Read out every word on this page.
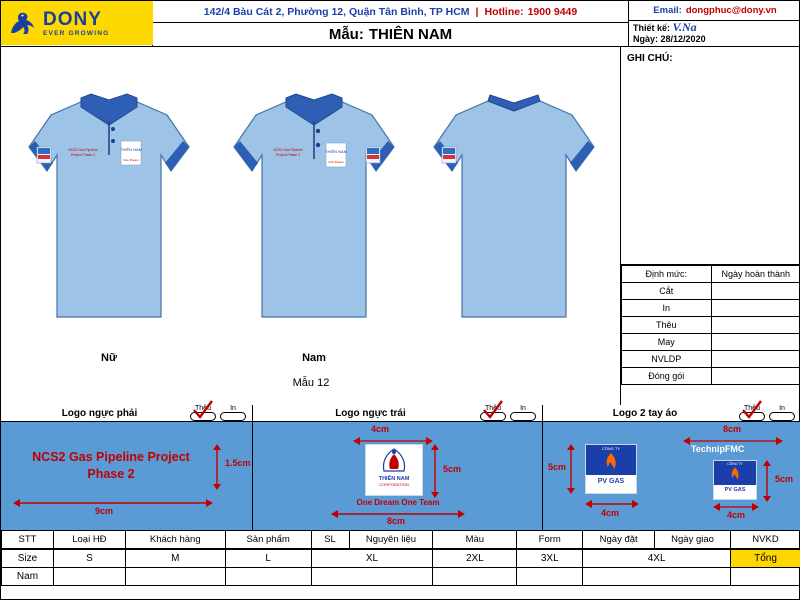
DONY
EVER GROWING
142/4 Bàu Cát 2, Phường 12, Quận Tân Bình, TP HCM | Hotline: 1900 9449
Mẫu: THIÊN NAM
Email: dongphuc@dony.vn
Thiết kế: V.Na
Ngày: 28/12/2020
THIÊN NAM
One Dream
NCS2 Gas Pipeline
Project Phase 2
Nữ
THIÊN NAM
One Dream
NCS2 Gas Pipeline
Project Phase 2
Nam
Mẫu 12
GHI CHÚ:
Định mức:	Ngày hoàn thành
Cắt	
In	
Thêu	
May	
NVLDP	
Đóng gói	
Logo ngực phải	Thêu	In
NCS2 Gas Pipeline Project
Phase 2
1.5cm
9cm
Logo ngực trái	Thêu	In
4cm
THIÊN NAM
CORPORATION
5cm
One Dream One Team
8cm
Logo 2 tay áo	Thêu	In
5cm
CÔNG TY
PV GAS
4cm
8cm
TechnipFMC
CÔNG TY
PV GAS
5cm
4cm
STT	Loại HĐ	Khách hàng	Sản phẩm	SL	Nguyên liệu	Màu	Form	Ngày đặt	Ngày giao	NVKD
Size	S	M	L	XL	2XL	3XL	4XL	Tổng
Nam								
